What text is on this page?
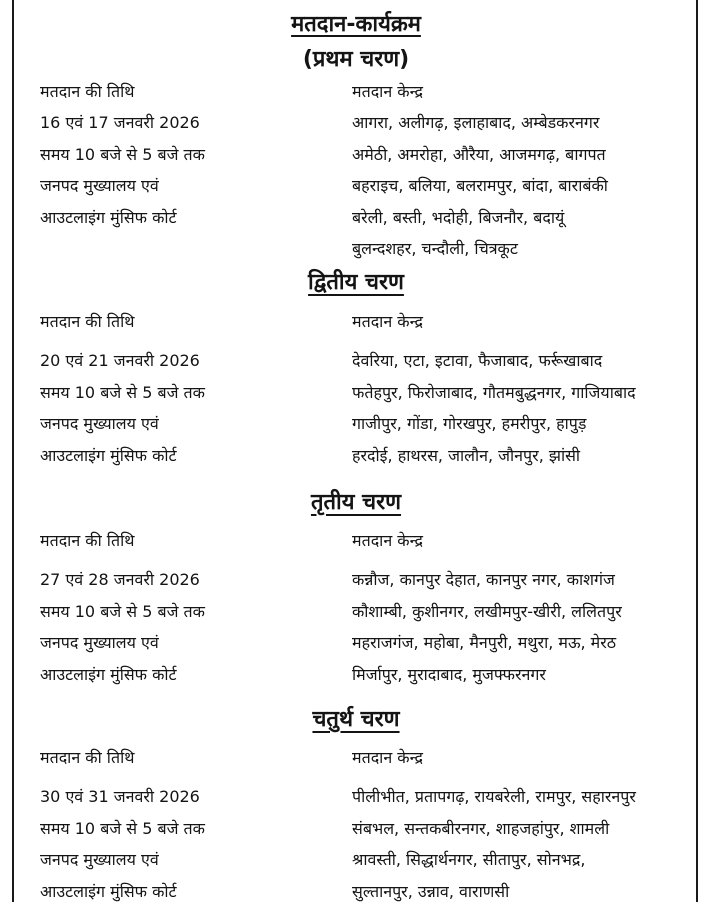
मतदान-कार्यक्रम
(प्रथम चरण)
मतदान की तिथि
16 एवं 17 जनवरी 2026
समय 10 बजे से 5 बजे तक
जनपद मुख्यालय एवं
आउटलाइंग मुंसिफ कोर्ट
मतदान केन्द्र
आगरा, अलीगढ़, इलाहाबाद, अम्बेडकरनगर
अमेठी, अमरोहा, औरैया, आजमगढ़, बागपत
बहराइच, बलिया, बलरामपुर, बांदा, बाराबंकी
बरेली, बस्ती, भदोही, बिजनौर, बदायूं
बुलन्दशहर, चन्दौली, चित्रकूट
द्वितीय चरण
मतदान की तिथि
20 एवं 21 जनवरी 2026
समय 10 बजे से 5 बजे तक
जनपद मुख्यालय एवं
आउटलाइंग मुंसिफ कोर्ट
मतदान केन्द्र
देवरिया, एटा, इटावा, फैजाबाद, फर्रूखाबाद
फतेहपुर, फिरोजाबाद, गौतमबुद्धनगर, गाजियाबाद
गाजीपुर, गोंडा, गोरखपुर, हमरीपुर, हापुड़
हरदोई, हाथरस, जालौन, जौनपुर, झांसी
तृतीय चरण
मतदान की तिथि
27 एवं 28 जनवरी 2026
समय 10 बजे से 5 बजे तक
जनपद मुख्यालय एवं
आउटलाइंग मुंसिफ कोर्ट
मतदान केन्द्र
कन्नौज, कानपुर देहात, कानपुर नगर, काशगंज
कौशाम्बी, कुशीनगर, लखीमपुर-खीरी, ललितपुर
महराजगंज, महोबा, मैनपुरी, मथुरा, मऊ, मेरठ
मिर्जापुर, मुरादाबाद, मुजफ्फरनगर
चतुर्थ चरण
मतदान की तिथि
30 एवं 31 जनवरी 2026
समय 10 बजे से 5 बजे तक
जनपद मुख्यालय एवं
आउटलाइंग मुंसिफ कोर्ट
मतदान केन्द्र
पीलीभीत, प्रतापगढ़, रायबरेली, रामपुर, सहारनपुर
संबभल, सन्तकबीरनगर, शाहजहांपुर, शामली
श्रावस्ती, सिद्धार्थनगर, सीतापुर, सोनभद्र,
सुल्तानपुर, उन्नाव, वाराणसी
